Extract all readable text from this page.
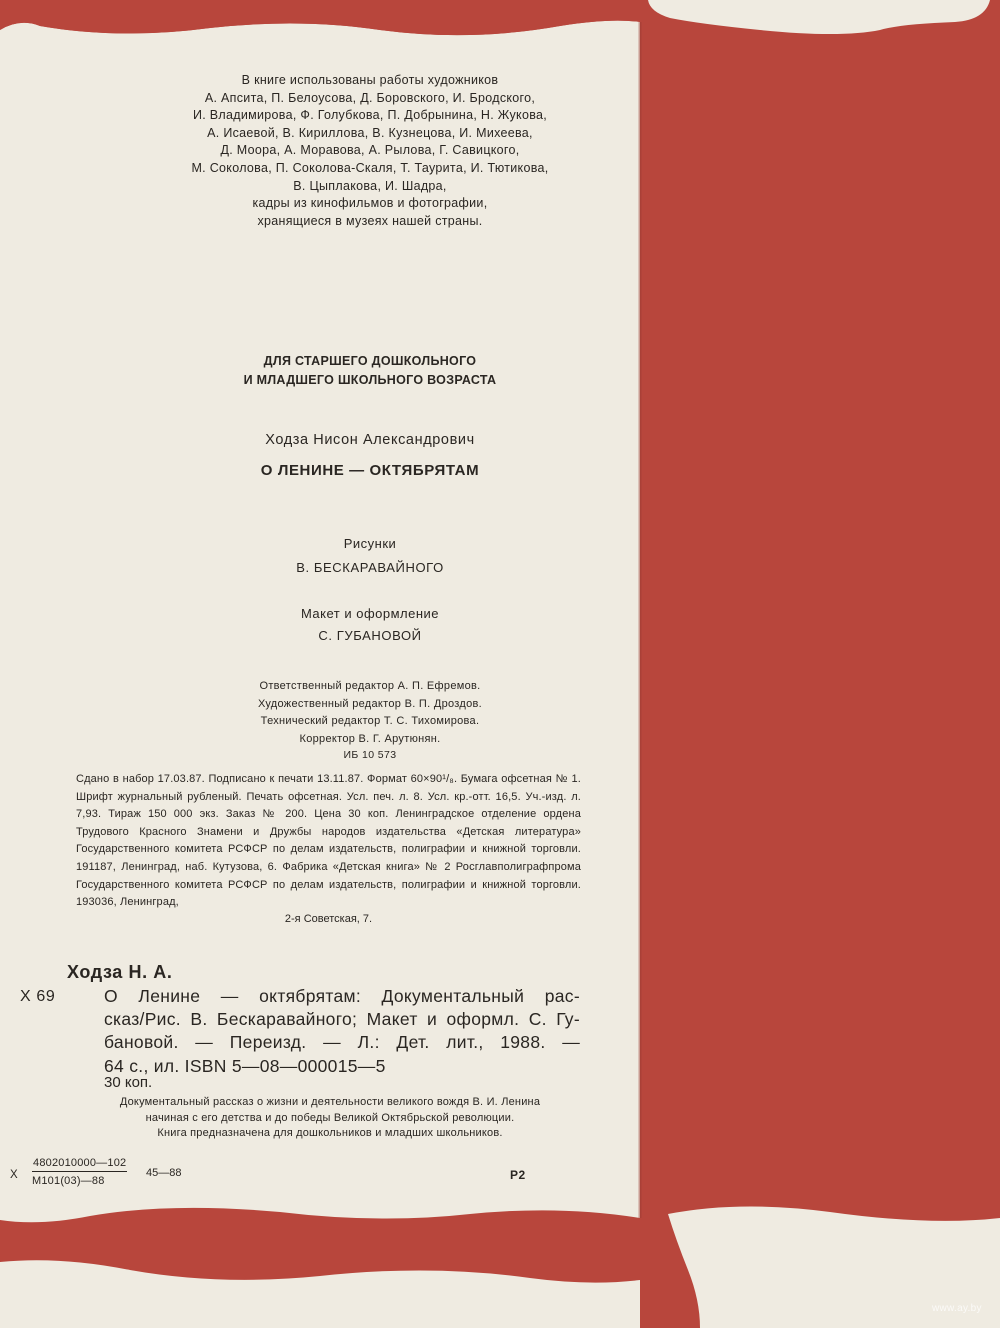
В книге использованы работы художников
А. Апсита, П. Белоусова, Д. Боровского, И. Бродского,
И. Владимирова, Ф. Голубкова, П. Добрынина, Н. Жукова,
А. Исаевой, В. Кириллова, В. Кузнецова, И. Михеева,
Д. Моора, А. Моравова, А. Рылова, Г. Савицкого,
М. Соколова, П. Соколова-Скаля, Т. Таурита, И. Тютикова,
В. Цыплакова, И. Шадра,
кадры из кинофильмов и фотографии,
хранящиеся в музеях нашей страны.
ДЛЯ СТАРШЕГО ДОШКОЛЬНОГО
И МЛАДШЕГО ШКОЛЬНОГО ВОЗРАСТА
Ходза Нисон Александрович
О ЛЕНИНЕ — ОКТЯБРЯТАМ
Рисунки
В. БЕСКАРАВАЙНОГО
Макет и оформление
С. ГУБАНОВОЙ
Ответственный редактор А. П. Ефремов.
Художественный редактор В. П. Дроздов.
Технический редактор Т. С. Тихомирова.
Корректор В. Г. Арутюнян.
ИБ 10 573
Сдано в набор 17.03.87. Подписано к печати 13.11.87. Формат 60×90¹/₈. Бумага офсетная № 1. Шрифт журнальный рубленый. Печать офсетная. Усл. печ. л. 8. Усл. кр.-отт. 16,5. Уч.-изд. л. 7,93. Тираж 150 000 экз. Заказ № 200. Цена 30 коп. Ленинградское отделение ордена Трудового Красного Знамени и Дружбы народов издательства «Детская литература» Государственного комитета РСФСР по делам издательств, полиграфии и книжной торговли. 191187, Ленинград, наб. Кутузова, 6. Фабрика «Детская книга» № 2 Росглавполиграфпрома Государственного комитета РСФСР по делам издательств, полиграфии и книжной торговли. 193036, Ленинград,
2-я Советская, 7.
Ходза Н. А.
Х 69	О Ленине — октябрятам: Документальный рас-
сказ/Рис. В. Бескаравайного; Макет и оформл. С. Гу-
бановой. — Переизд. — Л.: Дет. лит., 1988. —
64 с., ил. ISBN 5—08—000015—5
30 коп.
Документальный рассказ о жизни и деятельности великого вождя В. И. Ленина
начиная с его детства и до победы Великой Октябрьской революции.
Книга предназначена для дошкольников и младших школьников.
Х
4802010000—102
М101(03)—88
45—88	Р2
www.ay.by
